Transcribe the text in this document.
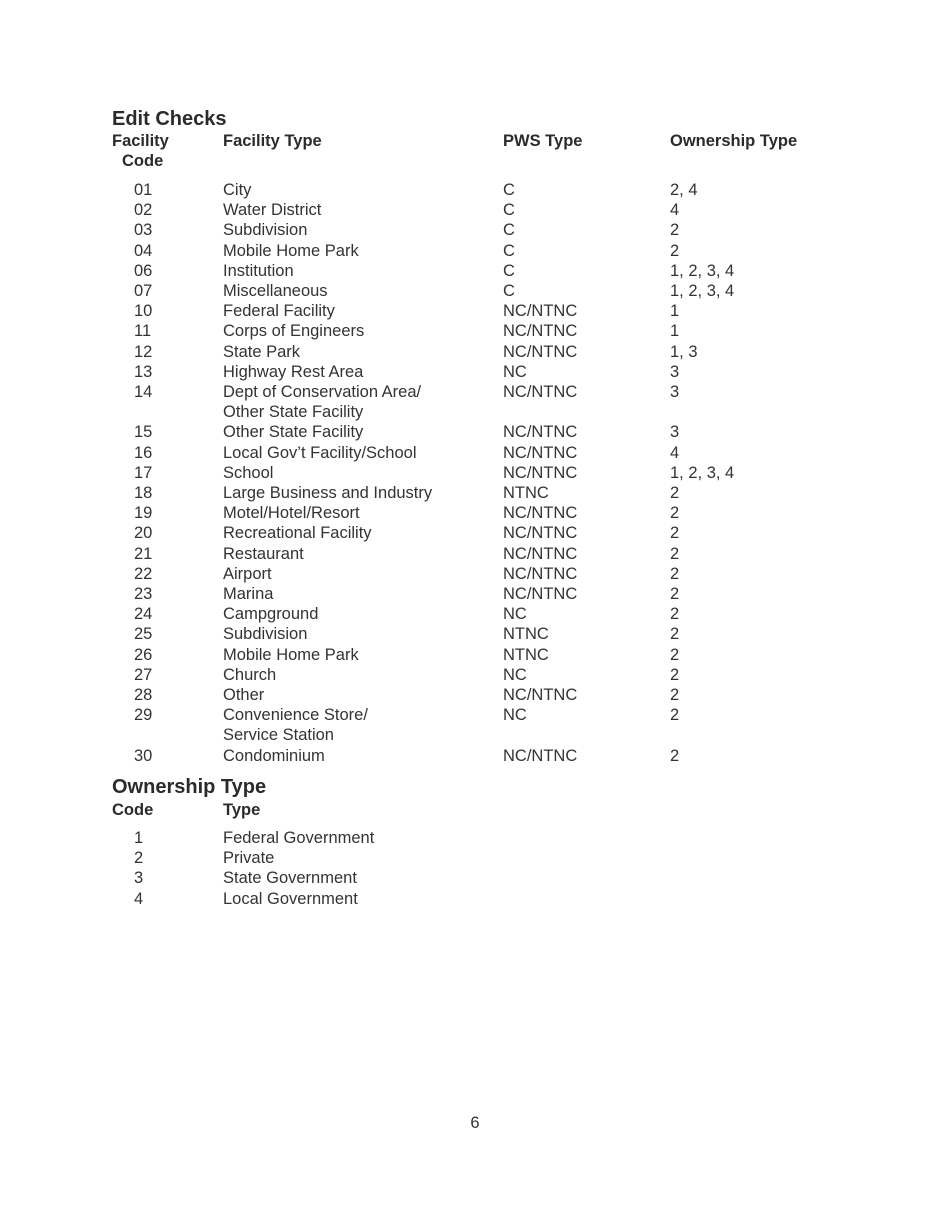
Edit Checks
Facility
Code
Facility Type	PWS Type	Ownership Type
01	City	C	2, 4
02	Water District	C	4
03	Subdivision	C	2
04	Mobile Home Park	C	2
06	Institution	C	1, 2, 3, 4
07	Miscellaneous	C	1, 2, 3, 4
10	Federal Facility	NC/NTNC	1
11	Corps of Engineers	NC/NTNC	1
12	State Park	NC/NTNC	1, 3
13	Highway Rest Area	NC	3
14	Dept of Conservation Area/	NC/NTNC	3
Other State Facility
15	Other State Facility	NC/NTNC	3
16	Local Gov’t Facility/School	NC/NTNC	4
17	School	NC/NTNC	1, 2, 3, 4
18	Large Business and Industry	NTNC	2
19	Motel/Hotel/Resort	NC/NTNC	2
20	Recreational Facility	NC/NTNC	2
21	Restaurant	NC/NTNC	2
22	Airport	NC/NTNC	2
23	Marina	NC/NTNC	2
24	Campground	NC	2
25	Subdivision	NTNC	2
26	Mobile Home Park	NTNC	2
27	Church	NC	2
28	Other	NC/NTNC	2
29	Convenience Store/	NC	2
Service Station
30	Condominium	NC/NTNC	2
Ownership Type
Code	Type
1	Federal Government
2	Private
3	State Government
4	Local Government
6
